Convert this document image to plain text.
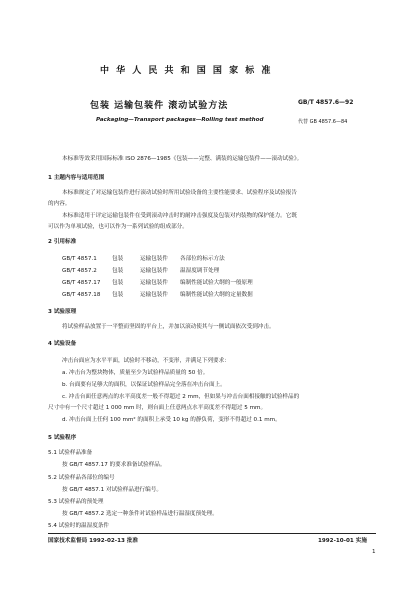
中 华 人 民 共 和 国 国 家 标 准
包装 运输包装件 滚动试验方法	GB/T 4857.6—92
Packaging—Transport packages—Rolling test method	代替 GB 4857.6—84
本标准等效采用国际标准 ISO 2876—1985《包装——完整、满装的运输包装件——滚动试验》。
1 主题内容与适用范围
本标准规定了对运输包装件进行滚动试验时所用试验设备的主要性能要求、试验程序及试验报告
的内容。
本标准适用于评定运输包装件在受到滚动冲击时的耐冲击强度及包装对内装物的保护能力。它既
可以作为单项试验，也可以作为一系列试验的组成部分。
2 引用标准
GB/T 4857.1	包装	运输包装件 各部位的标示方法
GB/T 4857.2	包装	运输包装件 温湿度调节处理
GB/T 4857.17 包装	运输包装件 编制性能试验大纲的一般原理
GB/T 4857.18 包装	运输包装件 编制性能试验大纲的定量数据
3 试验原理
将试验样品放置于一平整而坚固的平台上，并加以滚动使其与一侧试面依次受到冲击。
4 试验设备
冲击台面应为水平平面，试验时不移动，不变形，并满足下列要求：
a. 冲击台为整块物体，质量至少为试验样品质量的 50 倍。
b. 台面要有足够大的面积，以保证试验样品完全落在冲击台面上。
c. 冲击台面任意两点的水平高度差一般不得超过 2 mm，但如果与冲击台面相接触的试验样品的
尺寸中有一个尺寸超过 1 000 mm 时，则台面上任意两点水平高度差不得超过 5 mm。
d. 冲击台面上任何 100 mm² 的面积上承受 10 kg 的静负荷，变形不得超过 0.1 mm。
5 试验程序
5.1 试验样品准备
按 GB/T 4857.17 的要求准备试验样品。
5.2 试验样品各部位的编号
按 GB/T 4857.1 对试验样品进行编号。
5.3 试验样品的预处理
按 GB/T 4857.2 选定一种条件对试验样品进行温湿度预处理。
5.4 试验时的温湿度条件
国家技术监督局 1992-02-13 批准	1992-10-01 实施
1
